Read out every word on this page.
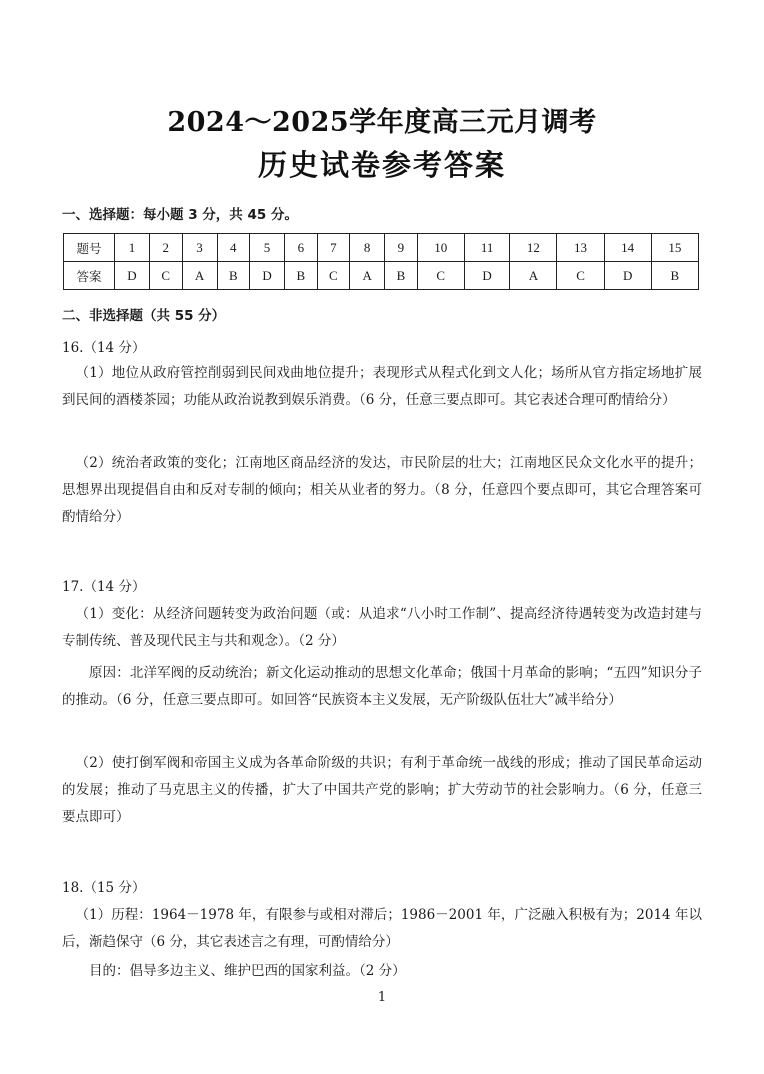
2024～2025学年度高三元月调考
历史试卷参考答案
一、选择题：每小题 3 分，共 45 分。
题号	1	2	3	4	5	6	7	8	9	10	11	12	13	14	15
答案	D	C	A	B	D	B	C	A	B	C	D	A	C	D	B
二、非选择题（共 55 分）
16.（14 分）
（1）地位从政府管控削弱到民间戏曲地位提升；表现形式从程式化到文人化；场所从官方指定场地扩展到民间的酒楼茶园；功能从政治说教到娱乐消费。（6 分，任意三要点即可。其它表述合理可酌情给分）
（2）统治者政策的变化；江南地区商品经济的发达，市民阶层的壮大；江南地区民众文化水平的提升；思想界出现提倡自由和反对专制的倾向；相关从业者的努力。（8 分，任意四个要点即可，其它合理答案可酌情给分）
17.（14 分）
（1）变化：从经济问题转变为政治问题（或：从追求“八小时工作制”、提高经济待遇转变为改造封建与专制传统、普及现代民主与共和观念）。（2 分）
原因：北洋军阀的反动统治；新文化运动推动的思想文化革命；俄国十月革命的影响；“五四”知识分子的推动。（6 分，任意三要点即可。如回答“民族资本主义发展，无产阶级队伍壮大”减半给分）
（2）使打倒军阀和帝国主义成为各革命阶级的共识；有利于革命统一战线的形成；推动了国民革命运动的发展；推动了马克思主义的传播，扩大了中国共产党的影响；扩大劳动节的社会影响力。（6 分，任意三要点即可）
18.（15 分）
（1）历程：1964－1978 年，有限参与或相对滞后；1986－2001 年，广泛融入积极有为；2014 年以后，渐趋保守（6 分，其它表述言之有理，可酌情给分）
目的：倡导多边主义、维护巴西的国家利益。（2 分）
1
